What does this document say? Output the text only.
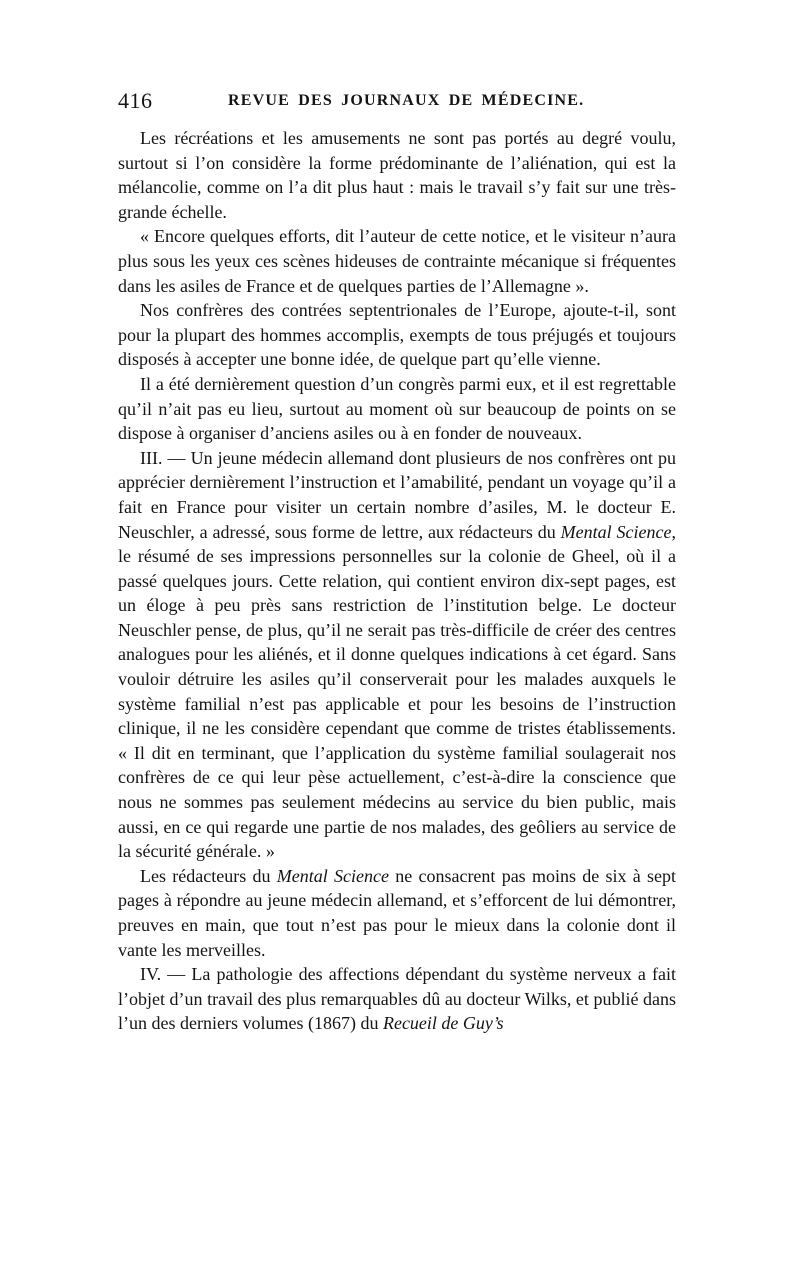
416	REVUE DES JOURNAUX DE MÉDECINE.

Les récréations et les amusements ne sont pas portés au degré voulu, surtout si l’on considère la forme prédominante de l’aliénation, qui est la mélancolie, comme on l’a dit plus haut : mais le travail s’y fait sur une très-grande échelle.

« Encore quelques efforts, dit l’auteur de cette notice, et le visiteur n’aura plus sous les yeux ces scènes hideuses de contrainte mécanique si fréquentes dans les asiles de France et de quelques parties de l’Allemagne ».

Nos confrères des contrées septentrionales de l’Europe, ajoute-t-il, sont pour la plupart des hommes accomplis, exempts de tous préjugés et toujours disposés à accepter une bonne idée, de quelque part qu’elle vienne.

Il a été dernièrement question d’un congrès parmi eux, et il est regrettable qu’il n’ait pas eu lieu, surtout au moment où sur beaucoup de points on se dispose à organiser d’anciens asiles ou à en fonder de nouveaux.

III. — Un jeune médecin allemand dont plusieurs de nos confrères ont pu apprécier dernièrement l’instruction et l’amabilité, pendant un voyage qu’il a fait en France pour visiter un certain nombre d’asiles, M. le docteur E. Neuschler, a adressé, sous forme de lettre, aux rédacteurs du Mental Science, le résumé de ses impressions personnelles sur la colonie de Gheel, où il a passé quelques jours. Cette relation, qui contient environ dix-sept pages, est un éloge à peu près sans restriction de l’institution belge. Le docteur Neuschler pense, de plus, qu’il ne serait pas très-difficile de créer des centres analogues pour les aliénés, et il donne quelques indications à cet égard. Sans vouloir détruire les asiles qu’il conserverait pour les malades auxquels le système familial n’est pas applicable et pour les besoins de l’instruction clinique, il ne les considère cependant que comme de tristes établissements. « Il dit en terminant, que l’application du système familial soulagerait nos confrères de ce qui leur pèse actuellement, c’est-à-dire la conscience que nous ne sommes pas seulement médecins au service du bien public, mais aussi, en ce qui regarde une partie de nos malades, des geôliers au service de la sécurité générale. »

Les rédacteurs du Mental Science ne consacrent pas moins de six à sept pages à répondre au jeune médecin allemand, et s’efforcent de lui démontrer, preuves en main, que tout n’est pas pour le mieux dans la colonie dont il vante les merveilles.

IV. — La pathologie des affections dépendant du système nerveux a fait l’objet d’un travail des plus remarquables dû au docteur Wilks, et publié dans l’un des derniers volumes (1867) du Recueil de Guy’s
